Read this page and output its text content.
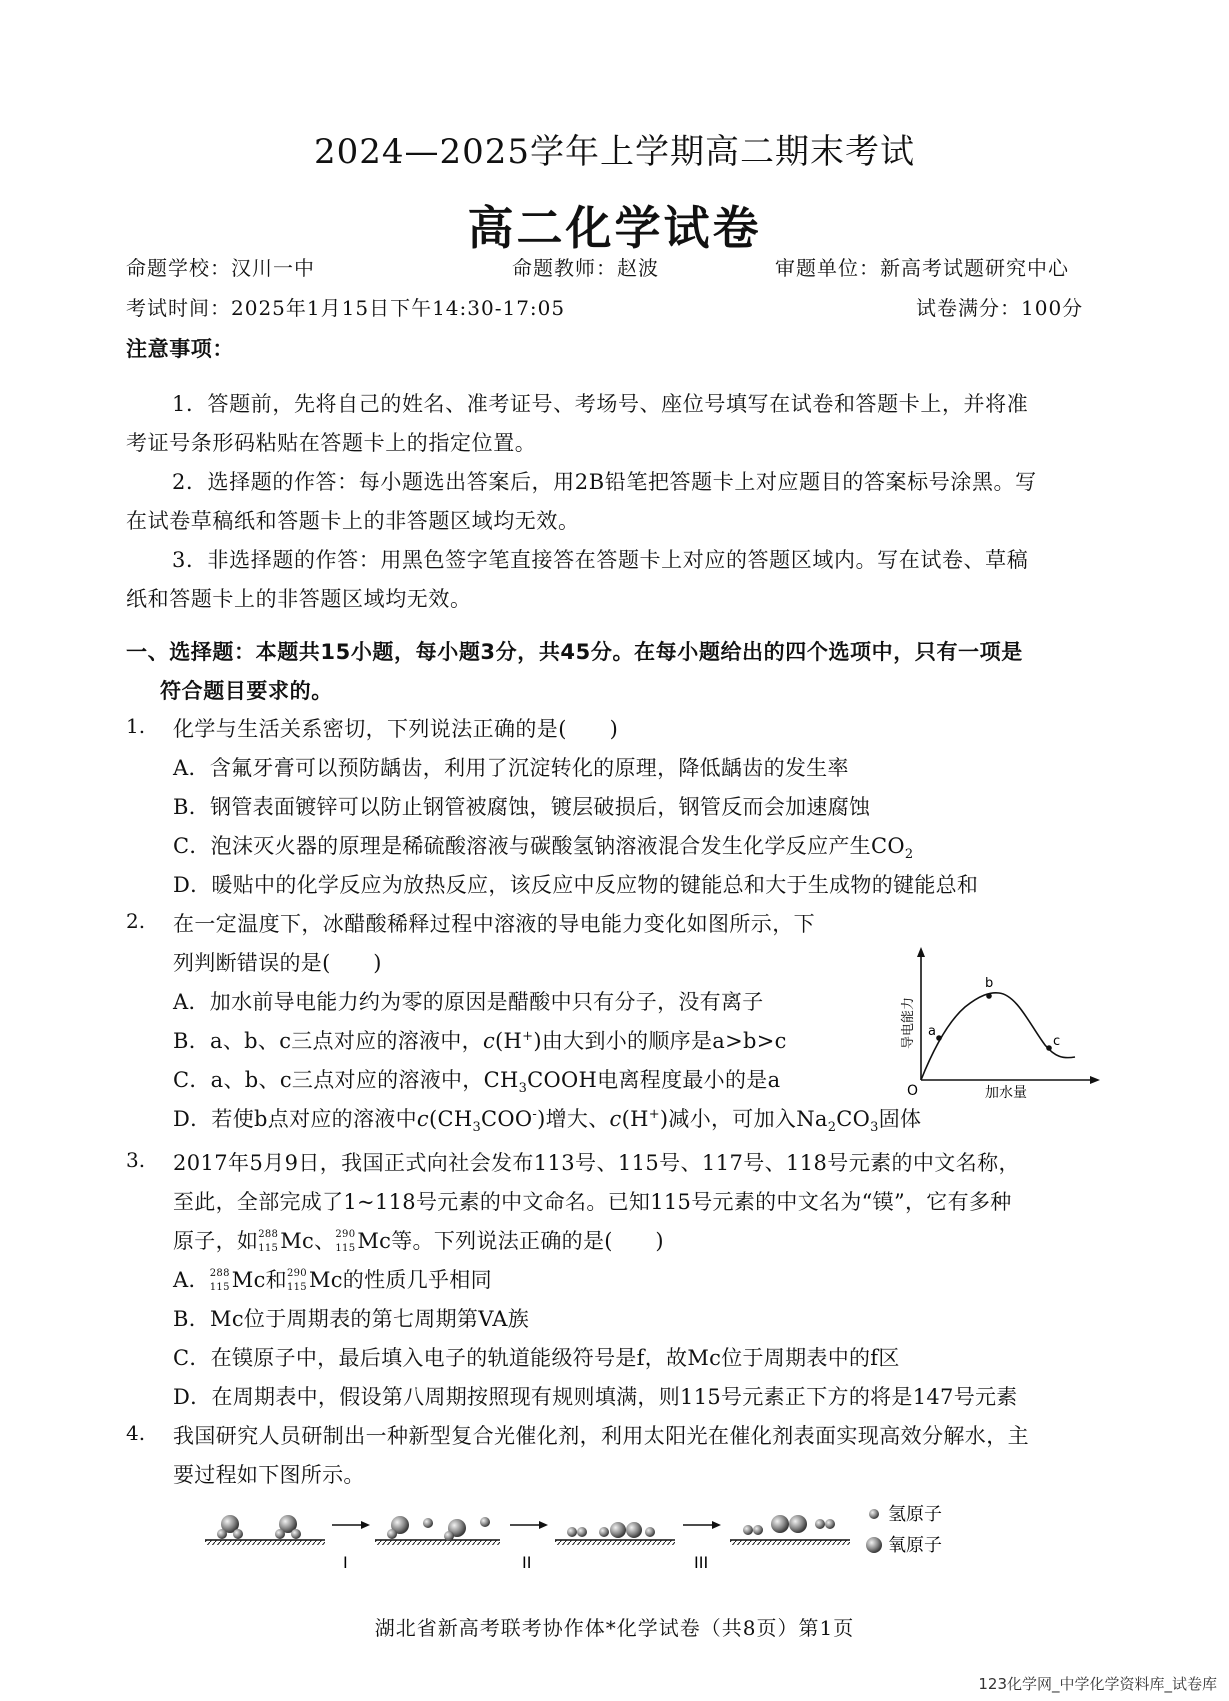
2024—2025学年上学期高二期末考试
高二化学试卷
命题学校：汉川一中	命题教师：赵波	审题单位：新高考试题研究中心
考试时间：2025年1月15日下午14:30-17:05	试卷满分：100分
注意事项：
1．答题前，先将自己的姓名、准考证号、考场号、座位号填写在试卷和答题卡上，并将准
考证号条形码粘贴在答题卡上的指定位置。
2．选择题的作答：每小题选出答案后，用2B铅笔把答题卡上对应题目的答案标号涂黑。写
在试卷草稿纸和答题卡上的非答题区域均无效。
3．非选择题的作答：用黑色签字笔直接答在答题卡上对应的答题区域内。写在试卷、草稿
纸和答题卡上的非答题区域均无效。
一、选择题：本题共15小题，每小题3分，共45分。在每小题给出的四个选项中，只有一项是
符合题目要求的。
1. 化学与生活关系密切，下列说法正确的是(　　)
A．含氟牙膏可以预防龋齿，利用了沉淀转化的原理，降低龋齿的发生率
B．钢管表面镀锌可以防止钢管被腐蚀，镀层破损后，钢管反而会加速腐蚀
C．泡沫灭火器的原理是稀硫酸溶液与碳酸氢钠溶液混合发生化学反应产生$CO_2$
D．暖贴中的化学反应为放热反应，该反应中反应物的键能总和大于生成物的键能总和
2. 在一定温度下，冰醋酸稀释过程中溶液的导电能力变化如图所示，下
列判断错误的是(　　)
A．加水前导电能力约为零的原因是醋酸中只有分子，没有离子
B．a、b、c三点对应的溶液中，c(H+)由大到小的顺序是a>b>c
C．a、b、c三点对应的溶液中，$CH_3COOH$电离程度最小的是a
D．若使b点对应的溶液中$c(CH_3COO^-)$增大、c(H+)减小，可加入$Na_2CO_3$固体
a
b
c
O	加水量
导电能力
3. 2017年5月9日，我国正式向社会发布113号、115号、117号、118号元素的中文名称，
至此，全部完成了1~118号元素的中文命名。已知115号元素的中文名为“镆”，它有多种
原子，如 288
115 Mc、 290
115 Mc等。下列说法正确的是(　　)
A． 288
115 Mc和 290
115 Mc的性质几乎相同
B．Mc位于周期表的第七周期第VA族
C．在镆原子中，最后填入电子的轨道能级符号是f，故Mc位于周期表中的f区
D．在周期表中，假设第八周期按照现有规则填满，则115号元素正下方的将是147号元素
4. 我国研究人员研制出一种新型复合光催化剂，利用太阳光在催化剂表面实现高效分解水，主
要过程如下图所示。
I	II	III
氢原子
氧原子
湖北省新高考联考协作体*化学试卷（共8页）第1页
123化学网_中学化学资料库_试卷库
